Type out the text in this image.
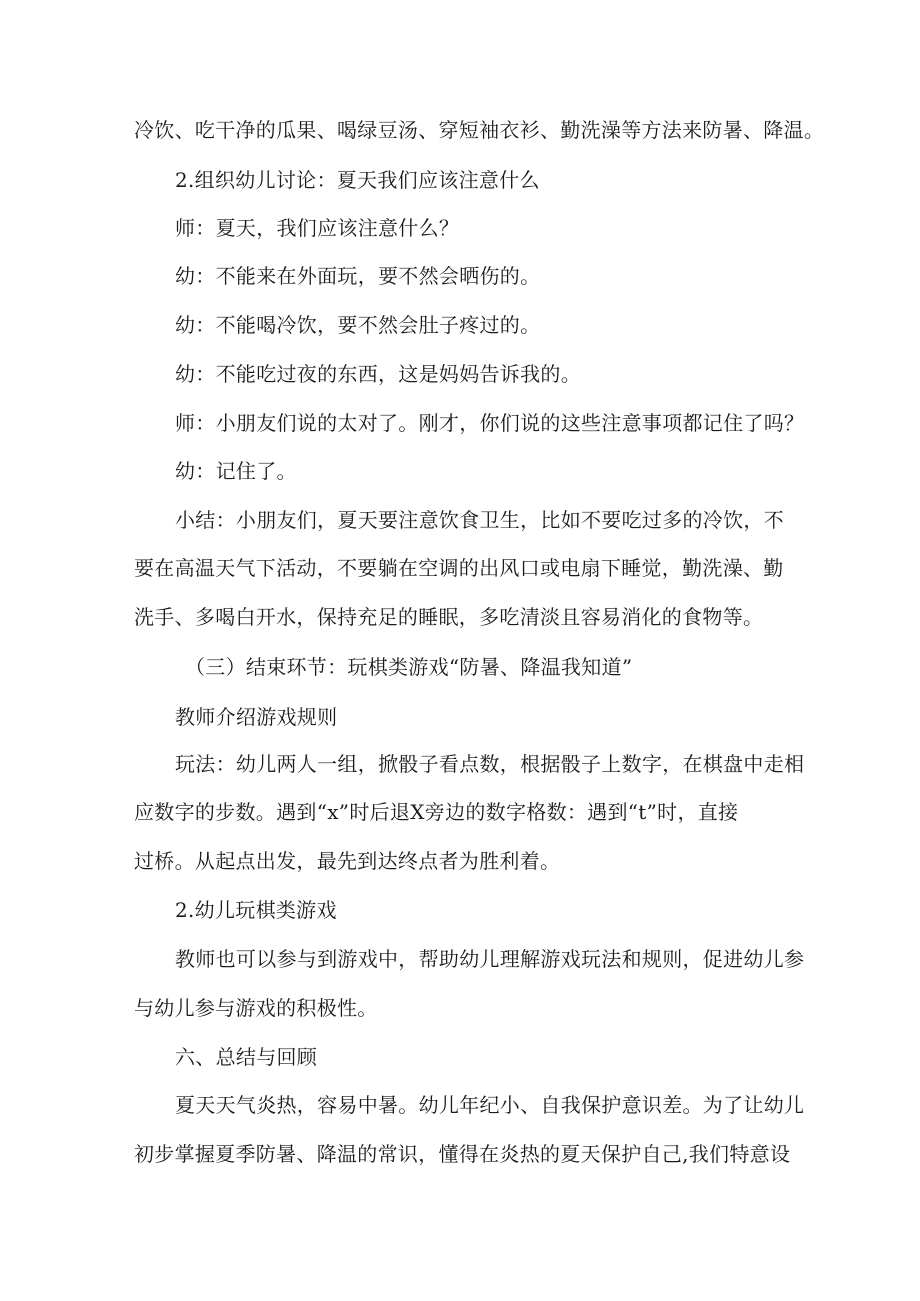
冷饮、吃干净的瓜果、喝绿豆汤、穿短袖衣衫、勤洗澡等方法来防暑、降温。

2.组织幼儿讨论：夏天我们应该注意什么

师：夏天，我们应该注意什么？

幼：不能来在外面玩，要不然会晒伤的。

幼：不能喝冷饮，要不然会肚子疼过的。

幼：不能吃过夜的东西，这是妈妈告诉我的。

师：小朋友们说的太对了。刚才，你们说的这些注意事项都记住了吗？

幼：记住了。

小结：小朋友们，夏天要注意饮食卫生，比如不要吃过多的冷饮，不

要在高温天气下活动，不要躺在空调的出风口或电扇下睡觉，勤洗澡、勤

洗手、多喝白开水，保持充足的睡眠，多吃清淡且容易消化的食物等。

（三）结束环节：玩棋类游戏“防暑、降温我知道”

教师介绍游戏规则

玩法：幼儿两人一组，掀骰子看点数，根据骰子上数字，在棋盘中走相

应数字的步数。遇到“x”时后退X旁边的数字格数：遇到“t”时，直接

过桥。从起点出发，最先到达终点者为胜利着。

2.幼儿玩棋类游戏

教师也可以参与到游戏中，帮助幼儿理解游戏玩法和规则，促进幼儿参

与幼儿参与游戏的积极性。

六、总结与回顾

夏天天气炎热，容易中暑。幼儿年纪小、自我保护意识差。为了让幼儿

初步掌握夏季防暑、降温的常识，懂得在炎热的夏天保护自己,我们特意设
